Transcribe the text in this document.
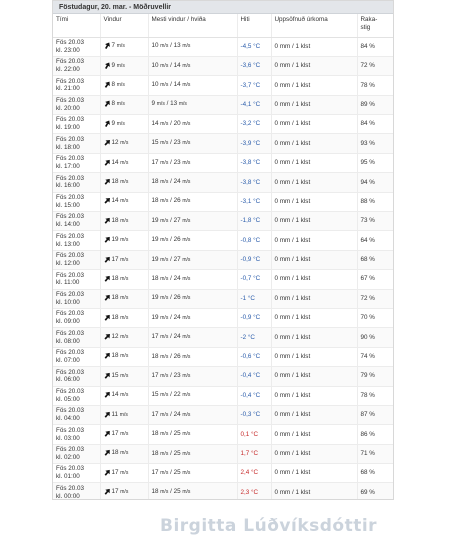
Föstudagur, 20. mar. - Möðruvellir
Tími	Vindur	Mesti vindur / hviða	Hiti	Uppsöfnuð úrkoma	Raka-
stig
Fös 20.03
kl. 23:00	7 m/s	10 m/s / 13 m/s	-4,5 °C	0 mm / 1 klst	84 %
Fös 20.03
kl. 22:00	9 m/s	10 m/s / 14 m/s	-3,6 °C	0 mm / 1 klst	72 %
Fös 20.03
kl. 21:00	8 m/s	10 m/s / 14 m/s	-3,7 °C	0 mm / 1 klst	78 %
Fös 20.03
kl. 20:00	8 m/s	9 m/s / 13 m/s	-4,1 °C	0 mm / 1 klst	89 %
Fös 20.03
kl. 19:00	9 m/s	14 m/s / 20 m/s	-3,2 °C	0 mm / 1 klst	84 %
Fös 20.03
kl. 18:00	12 m/s	15 m/s / 23 m/s	-3,9 °C	0 mm / 1 klst	93 %
Fös 20.03
kl. 17:00	14 m/s	17 m/s / 23 m/s	-3,8 °C	0 mm / 1 klst	95 %
Fös 20.03
kl. 16:00	18 m/s	18 m/s / 24 m/s	-3,8 °C	0 mm / 1 klst	94 %
Fös 20.03
kl. 15:00	14 m/s	18 m/s / 26 m/s	-3,1 °C	0 mm / 1 klst	88 %
Fös 20.03
kl. 14:00	18 m/s	19 m/s / 27 m/s	-1,8 °C	0 mm / 1 klst	73 %
Fös 20.03
kl. 13:00	19 m/s	19 m/s / 26 m/s	-0,8 °C	0 mm / 1 klst	64 %
Fös 20.03
kl. 12:00	17 m/s	19 m/s / 27 m/s	-0,9 °C	0 mm / 1 klst	68 %
Fös 20.03
kl. 11:00	18 m/s	18 m/s / 24 m/s	-0,7 °C	0 mm / 1 klst	67 %
Fös 20.03
kl. 10:00	18 m/s	19 m/s / 26 m/s	-1 °C	0 mm / 1 klst	72 %
Fös 20.03
kl. 09:00	18 m/s	19 m/s / 24 m/s	-0,9 °C	0 mm / 1 klst	70 %
Fös 20.03
kl. 08:00	12 m/s	17 m/s / 24 m/s	-2 °C	0 mm / 1 klst	90 %
Fös 20.03
kl. 07:00	18 m/s	18 m/s / 26 m/s	-0,6 °C	0 mm / 1 klst	74 %
Fös 20.03
kl. 06:00	15 m/s	17 m/s / 23 m/s	-0,4 °C	0 mm / 1 klst	79 %
Fös 20.03
kl. 05:00	14 m/s	15 m/s / 22 m/s	-0,4 °C	0 mm / 1 klst	78 %
Fös 20.03
kl. 04:00	11 m/s	17 m/s / 24 m/s	-0,3 °C	0 mm / 1 klst	87 %
Fös 20.03
kl. 03:00	17 m/s	18 m/s / 25 m/s	0,1 °C	0 mm / 1 klst	86 %
Fös 20.03
kl. 02:00	18 m/s	18 m/s / 25 m/s	1,7 °C	0 mm / 1 klst	71 %
Fös 20.03
kl. 01:00	17 m/s	17 m/s / 25 m/s	2,4 °C	0 mm / 1 klst	68 %
Fös 20.03
kl. 00:00	17 m/s	18 m/s / 25 m/s	2,3 °C	0 mm / 1 klst	69 %
Birgitta Lúðvíksdóttir
